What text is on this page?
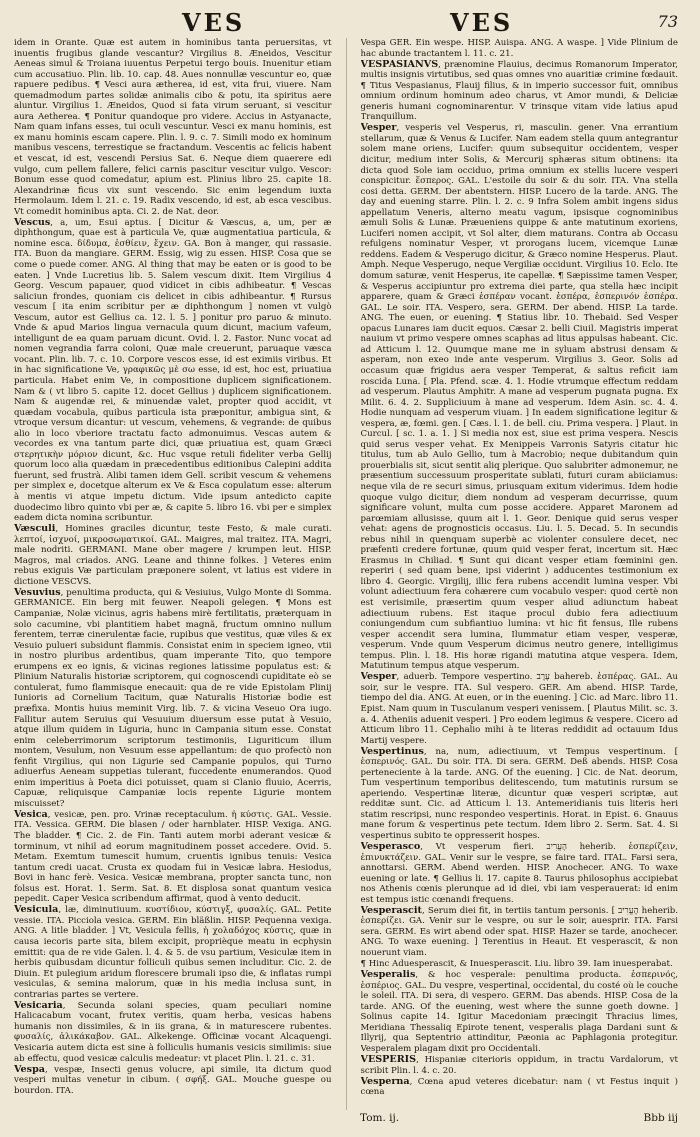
VES	VES	73

idem in Orante. Quæ est autem in hominibus tanta peruersitas, vt inuentis frugibus glande vescantur? Virgilius 8. Æneidos, Vescitur Aeneas simul & Troiana iuuentus Perpetui tergo bouis. Inuenitur etiam cum accusatiuo. Plin. lib. 10. cap. 48. Aues nonnullæ vescuntur eo, quæ rapuere pedibus. ¶ Vesci aura ætherea, id est, vita frui, viuere. Nam quemadmodum partes solidæ animalis cibo & potu, ita spiritus aere aluntur. Virgilius 1. Æneidos, Quod si fata virum seruant, si vescitur aura Aetherea. ¶ Ponitur quandoque pro videre. Accius in Astyanacte, Nam quam infans esses, tui oculi vescuntur. Vesci ex manu hominis, est ex manu hominis escam capere. Plin. l. 9. c. 7. Simili modo ex hominum manibus vescens, terrestique se fractandum. Vescentis ac felicis habent et vescat, id est, vescendi Persius Sat. 6. Neque diem quaerere edi vulgo, cum pellem fallere, felici carnis pascitur vescitur vulgo. Vescor: Bonum esse quod comedatur, apium est. Plinius libro 25. capite 18. Alexandrinæ ficus vix sunt vescendo. Sic enim legendum iuxta Hermolaum. Idem l. 21. c. 19. Radix vescendo, id est, ab esca vescibus. Vt comedit hominibus apta. Ci. 2. de Nat. deor.

Vescus, a, um, Esui aptus. [ Dicitur & Væscus, a, um, per æ diphthongum, quae est à particula Ve, quæ augmentatiua particula, & nomine esca. δίδυμα, ἐσθίειν, ἔχειν. GA. Bon à manger, qui rassasie. ITA. Buon da mangiare. GERM. Essig, wig zu essen. HISP. Cosa que se come o puede comer. ANG. Al thing that may be eaten or is good to be eaten. ] Vnde Lucretius lib. 5. Salem vescum dixit. Item Virgilius 4 Georg. Vescum papauer, quod vidicet in cibis adhibeatur. ¶ Vescas saliciun frondes, quoniam cis delicet in cibis adhibeantur. ¶ Rursus vescum [ ita enim scribitur per æ diphthongum ] nomen vt vulgò Vescum, autor est Gellius ca. 12. l. 5. ] ponitur pro paruo & minuto. Vnde & apud Marios lingua vernacula quum dicunt, macium vafeum, intelligunt de ea quam paruam dicunt. Ovid. l. 2. Fastor. Nunc vocat ad nomen vegrandia farra coloni, Quæ male creuerunt, paruaque væsca vocant. Plin. lib. 7. c. 10. Corpore vescos esse, id est eximiis viribus. Et in hac significatione Ve, γραφικῶς μὲ σω esse, id est, hoc est, priuatiua particula. Habet enim Ve, in compositione duplicem significationem. Nam & ( vt libro 5. capite 12. docet Gellius ) duplicem significationem. Nam & augendæ rei, & minuendæ valet, propter quod accidit, vt quædam vocabula, quibus particula ista præponitur, ambigua sint, & vtroque versum dicantur: ut vescum, vehemens, & vegrande: de quibus alio in loco vberiore tractatu facto admonuimus. Vescas autem & vecordes ex vna tantum parte dici, quæ priuatiua est, quam Græci στερητικὴν μόριον dicunt, &c. Huc vsque retuli fideliter verba Gellij quorum loco alia quædam in præcedentibus editionibus Calepini addita fuerunt, sed frustrà. Alibi tamen idem Gell. scribit vescum & vehemens per simplex e, docetque alterum ex Ve & Esca copulatum esse: alterum à mentis vi atque impetu dictum. Vide ipsum antedicto capite duodecimo libro quinto vbi per æ, & capite 5. libro 16. vbi per e simplex eadem dicta nomina scribuntur.

Væsculi, Homines graciles dicuntur, teste Festo, & male curati. λεπτοί, ἰσχνοί, μικροσωματικοί. GAL. Maigres, mal traitez. ITA. Magri, male nodriti. GERMANI. Mane ober magere / krumpen leut. HISP. Magros, mal criados. ANG. Leane and thinne folkes. ] Veteres enim rebus exiguis Væ particulam præponere solent, vt latius est videre in dictione VESCVS.

Vesuvius, penultima producta, qui & Vesiuius, Vulgo Monte di Somma. GERMANICE. Ein berg mit feuwer. Neapoli gelegen. ¶ Mons est Campaniæ, Nolæ vicinus, agris habens mirè fertilitatis, præterquam in solo cacumine, vbi plantitiem habet magnã, fructum omnino nullum ferentem, terræ cinerulentæ facie, rupibus que vestitus, quæ viles & ex Vesuio pulueri subsidunt flammis. Consistat enim in speciem igneo, vtii in nostro pluribus ardentibus, quam imperante Tito, quo tempore erumpens ex eo ignis, & vicinas regiones latissime populatus est: & Plinium Naturalis historiæ scriptorem, qui cognoscendi cupiditate eò se contulerat, fumo flammisque enecauit: qua de re vide Epistolam Plinij Iunioris ad Cornelium Tacitum, quæ Naturalis Historiæ bodie est præfixa. Montis huius meminit Virg. lib. 7. & vicina Veseuo Ora iugo. Fallitur autem Seruius qui Vesuuium diuersum esse putat à Vesuio, atque illum quidem in Liguria, hunc in Campania situm esse. Constat enim celeberrimorum scriptorum testimoniis, Liguriticum illum montem, Vesulum, non Vesuum esse appellantum: de quo profectò non fenfit Virgilius, qui non Ligurie sed Campanie populos, qui Turno adiuerfus Aeneam suppetias tulerant, fuccedente enumerandos. Quod enim imperitius à Poeta dici potuisset, quam si Clanio fluuio, Acerris, Capuæ, reliquisque Campaniæ locis repente Ligurie montem miscuisset?

Vesica, vesicæ, pen. pro. Vrinæ receptaculum. ἡ κύστις. GAL. Vessie. ITA. Vessica. GERM. Die blasen / oder harnblater. HISP. Vexiga. ANG. The bladder. ¶ Cic. 2. de Fin. Tanti autem morbi aderant vesicæ & torminum, vt nihil ad eorum magnitudinem posset accedere. Ovid. 5. Metam. Exemtum tumescit humum, cruentis ignibus tenuis: Vesica tantum credi uacat. Crusta ex quodam fui in Vesicæ labra. Hesiodus, Bovi in hanc ferè. Vesica. Vesicæ membrana, propter sancta tunc, non folsus est. Horat. 1. Serm. Sat. 8. Et displosa sonat quantum vesica pepedit. Caper Vesica scribendum affirmat, quod à vento deducit.

Vesicula, læ, diminutiuum. κυστίδιον, κύστιγξ, φυσαλίς. GAL. Petite vessie. ITA. Picciola vesica. GERM. Ein bläßlin. HISP. Pequenna vexiga. ANG. A litle bladder. ] Vt, Vesicula fellis, ἡ χολαδόχος κύστις, quæ in causa iecoris parte sita, bilem excipit, proprièque meatu in ecphysin emittit: qua de re vide Galen. l. 4. & 5. de vsu partium, Vesiculæ item in herbis quibusdam dicuntur folliculi quibus semen includitur. Cic. 2. de Diuin. Et pulegium aridum florescere brumali ipso die, & inflatas rumpi vesiculas, & semina malorum, quæ in his media inclusa sunt, in contrarias partes se vertere.

Vesicaria, Secunda solani species, quam peculiari nomine Halicacabum vocant, frutex veritis, quam herba, vesicas habens humanis non dissimiles, & in iis grana, & in maturescere rubentes. φυσαλίς, ἀλικάκαβον. GAL. Alkekenge. Officinæ vocant Alcaquengi. Vesicaria autem dicta est sine à folliculis humanis vesicis similimis: siue ab effectu, quod vesicæ calculis medeatur: vt placet Plin. l. 21. c. 31.

Vespa, vespæ, Insecti genus volucre, api simile, ita dictum quod vesperi multas venetur in cibum. ( σφήξ. GAL. Mouche guespe ou bourdon. ITA.

Vespa GER. Ein wespe. HISP. Auispa. ANG. A waspe. ] Vide Plinium de hac abunde tractantem l. 11. c. 21.

VESPASIANVS, prænomine Flauius, decimus Romanorum Imperator, multis insignis virtutibus, sed quas omnes vno auaritiæ crimine fœdauit. ¶ Titus Vespasianus, Flauij filius, & in imperio successor fuit, omnibus omnium ordinum hominum adeo charus, vt Amor mundi, & Deliciæ generis humani cognominarentur. V trinsque vitam vide latius apud Tranquillum.

Vesper, vesperis vel Vesperus, ri, masculin. gener. Vna errantium stellarum, quæ & Venus & Lucifer. Nam eadem stella quum antegrantur solem mane oriens, Lucifer: quum subsequitur occidentem, vesper dicitur, medium inter Solis, & Mercurij sphæras situm obtinens: ita dicta quod Sole iam occiduo, prima omnium ex stellis lucere vesperi conspicitur. ἕσπερος. GAL. L'estoile du soir & du soir. ITA. Vna stella cosi detta. GERM. Der abentstern. HISP. Lucero de la tarde. ANG. The day and euening starre. Plin. l. 2. c. 9 Infra Solem ambit ingens sidus appellatum Veneris, alterno meatu vagum, ipsisque cognominibus æmuli Solis & Lunæ. Præueniens quippe & ante matutinum exoriens, Luciferi nomen accipit, vt Sol alter, diem maturans. Contra ab Occasu refulgens nominatur Vesper, vt prorogans lucem, vicemque Lunæ reddens. Eadem & Vesperugo dicitur, & Græco nomine Hesperus. Plaut. Amph. Neque Vesperugo, neque Vergiliæ occidunt. Virgilius 10. Eclo. Ite domum saturæ, venit Hesperus, ite capellæ. ¶ Sæpissime tamen Vesper, & Vesperus accipiuntur pro extrema diei parte, qua stella hæc incipit apparere, quam & Græci ἑσπέραν vocant. ἑσπέρα, ἑσπερινόν ἑσπέρα. GAL. Le soir. ITA. Vespero, sera. GERM. Der abend. HISP. La tarde. ANG. The euen, or euening. ¶ Statius libr. 10. Thebaid. Sed Vesper opacus Lunares iam ducit equos. Cæsar 2. belli Ciuil. Magistris imperat nauium vt primo vespere omnes scaphas ad litus appulsas habeant. Cic. ad Atticum l. 12. Quumque mane me in syluam abstrusi densam & asperam, non exeo inde ante vesperum. Virgilius 3. Geor. Solis ad occasum quæ frigidus aera vesper Temperat, & saltus reficit iam roscida Luna. [ Pla. Pfend. scæ. 4. 1. Hodie vtrumque effectum reddam ad vesperum. Plautus Amphitr. A mane ad vesperum pugnata pugna. Ex Milit. 6. 4. 2. Suppliciuum à mane ad vesperum. Idem Asin. sc. 4. 4. Hodie nunquam ad vesperum viuam. ] In eadem significatione legitur & vespera, æ, fœmi. gen. [ Cæs. l. 1. de bell. ciu. Prima vespera. ] Plaut. in Curcul. [ sc. 1. a. 1. ] Si media nox est, siue est prima vespera. Nescis quid serus vesper vehat. Ex Menippeis Varronis Satyris citatur hic titulus, tum ab Aulo Gellio, tum à Macrobio; neque dubitandum quin prouerbialis sit, sicut sentit aliq plerique. Quo salubriter admonemur, ne præsentium successuum prosperitate sublati, futuri curam abiiciamus: neque vila de re securi simus, priusquam exitum viderimus. Idem hodie quoque vulgo dicitur, diem nondum ad vesperam decurrisse, quum significare volunt, multa cum posse accidere. Apparet Maronem ad parœmiam allusisse, quum ait l. 1. Geor. Denique quid serus vesper vehat: agens de prognosticis occasus. Liu. l. 5. Decad. 5. In secundis rebus nihil in quenquam superbè ac violenter consulere decet, nec præfenti credere fortunæ, quum quid vesper ferat, incertum sit. Hæc Erasmus in Chiliad. ¶ Sunt qui dicant vesper etiam fœminini gen. reperiri ( sed quam bene, ipsi viderint ) adducentes testimonium ex libro 4. Georgic. Virgilij, illic fera rubens accendit lumina vesper. Vbi volunt adiectiuum fera cohærere cum vocabulo vesper: quod certè non est verisimile, præsertim quum vesper aliud adiunctum habeat adiectiuum rubens. Est itaque procul dubio fera adiectiuum coniungendum cum subfiantiuo lumina: vt hic fit fensus, Ille rubens vesper accendit sera lumina, Ilummatur etiam vesper, vesperæ, vesperum. Vnde quum Vesperum dicimus neutro genere, intelligimus tempus. Plin. l. 18. His horæ rigandi matutina atque vespera. Idem, Matutinum tempus atque vesperum.

Vesper, aduerb. Tempore vespertino. עֶרֶב bahereb. ἑσπέρας. GAL. Au soir, sur le vespre. ITA. Sul vespero. GER. Am abend. HISP. Tarde, tiempo del dia. ANG. At euen, or in the euening. ] Cic. ad Marc. libro 11. Epist. Nam quum in Tusculanum vesperi venissem. [ Plautus Milit. sc. 3. a. 4. Atheniis aduenit vesperi. ] Pro eodem legimus & vespere. Cicero ad Atticum libro 11. Cephalio mihi à te literas reddidit ad octauum Idus Martij vespere.

Vespertinus, na, num, adiectiuum, vt Tempus vespertinum. [ ἑσπερινός. GAL. Du soir. ITA. Di sera. GERM. Deß abends. HISP. Cosa perteneciente à la tarde. ANG. Of the euening. ] Cic. de Nat. deorum, Tum vespertinum temporibus delitescendo, tum matutinis rursum se aperiendo. Vespertinæ literæ, dicuntur quæ vesperi scriptæ, aut redditæ sunt. Cic. ad Atticum l. 13. Antemeridianis tuis literis heri statim rescripsi, nunc respondeo vespertinis. Horat. in Epist. 6. Gnauus mane forum & vespertinus pete tectum. Idem libro 2. Serm. Sat. 4. Si vespertinus subito te oppresserit hospes.

Vesperasco, Vt vesperum fieri. הֶעֱרִיב heherib. ἑσπερίζειν, ἐπινυκτάζειν. GAL. Venir sur le vespre, se faire tard. ITAL. Farsi sera, annottarsi. GERM. Abend werden. HISP. Anochecer. ANG. To waxe euening or late. ¶ Gellius li. 17. capite 8. Taurus philosophus accipiebat nos Athenis cœnis plerunque ad id diei, vbi iam vesperauerat: id enim est tempus istic cœnandi frequens.

Vesperascit, Serum diei fit, in tertiis tantum personis. [ הֶעֱרִיב heherib. ἑσπερίζει. GA. Venir sur le vespre, ou sur le soir, auesprir. ITA. Farsi sera. GERM. Es wirt abend oder spat. HISP. Hazer se tarde, anochecer. ANG. To waxe euening. ] Terentius in Heaut. Et vesperascit, & non nouerunt viam.

¶ Hinc Aduesperascit, & Inuesperascit. Liu. libro 39. Iam inuesperabat.

Vesperalis, & hoc vesperale: penultima producta. ἑσπερινός, ἑσπέριος. GAL. Du vespre, vespertinal, occidental, du costé où le couche le soleil. ITA. Di sera, di vespero. GERM. Das abends. HISP. Cosa de la tarde. ANG. Of the euening, west where the sunne goeth downe. ] Solinus capite 14. Igitur Macedoniam præcingit Thracius limes, Meridiana Thessaliq Epirote tenent, vesperalis plaga Dardani sunt & Illyrij, qua Septentrio attinditur, Pæonia ac Paphlagonia protegitur. Vesperalem plagam dixit pro Occidentali.

VESPERIS, Hispaniæ citerioris oppidum, in tractu Vardalorum, vt scribit Plin. l. 4. c. 20.

Vesperna, Cœna apud veteres dicebatur: nam ( vt Festus inquit ) cœna

Tom. ij.	Bbb iij
